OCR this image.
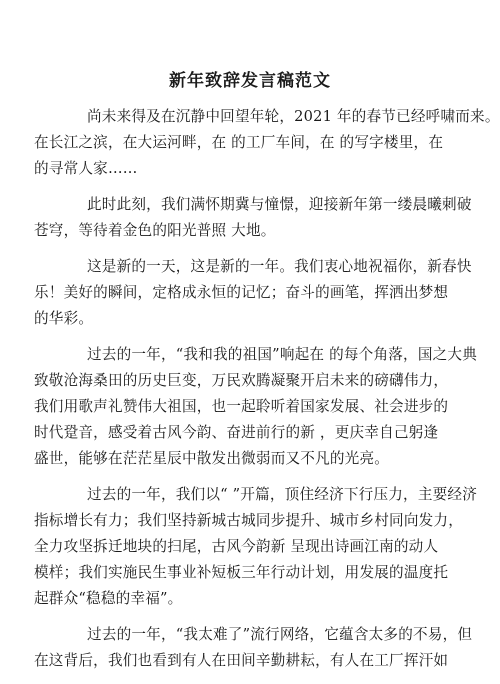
新年致辞发言稿范文

尚未来得及在沉静中回望年轮，2021 年的春节已经呼啸而来。
在长江之滨，在大运河畔，在 的工厂车间，在 的写字楼里，在
的寻常人家……

此时此刻，我们满怀期冀与憧憬，迎接新年第一缕晨曦刺破
苍穹，等待着金色的阳光普照 大地。

这是新的一天，这是新的一年。我们衷心地祝福你，新春快
乐！美好的瞬间，定格成永恒的记忆；奋斗的画笔，挥洒出梦想
的华彩。

过去的一年，“我和我的祖国”响起在 的每个角落，国之大典
致敬沧海桑田的历史巨变，万民欢腾凝聚开启未来的磅礴伟力，
我们用歌声礼赞伟大祖国，也一起聆听着国家发展、社会进步的
时代跫音，感受着古风今韵、奋进前行的新 ，更庆幸自己躬逢
盛世，能够在茫茫星辰中散发出微弱而又不凡的光亮。

过去的一年，我们以“ ”开篇，顶住经济下行压力，主要经济
指标增长有力；我们坚持新城古城同步提升、城市乡村同向发力，
全力攻坚拆迁地块的扫尾，古风今韵新 呈现出诗画江南的动人
模样；我们实施民生事业补短板三年行动计划，用发展的温度托
起群众“稳稳的幸福”。

过去的一年，“我太难了”流行网络，它蕴含太多的不易，但
在这背后，我们也看到有人在田间辛勤耕耘，有人在工厂挥汗如
